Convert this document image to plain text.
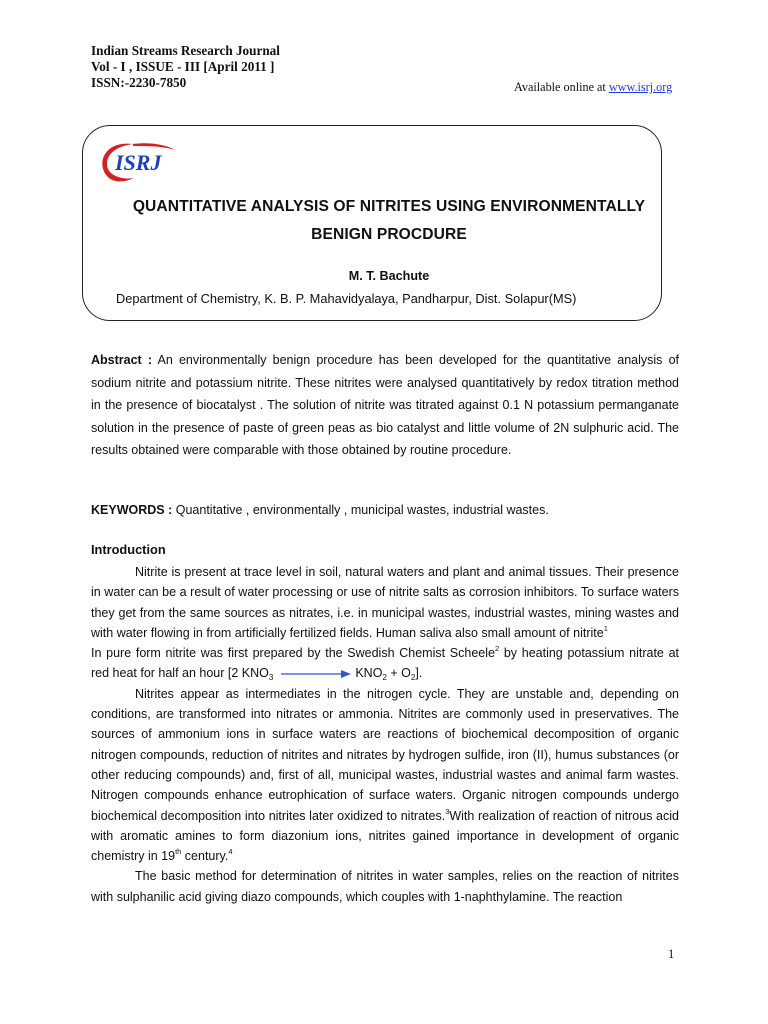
Indian Streams Research Journal
Vol - I , ISSUE - III [April 2011 ]
ISSN:-2230-7850	Available online at www.isrj.org
ISRJ
QUANTITATIVE ANALYSIS OF NITRITES USING ENVIRONMENTALLY
BENIGN PROCDURE
M. T. Bachute
Department of Chemistry, K. B. P. Mahavidyalaya, Pandharpur, Dist. Solapur(MS)
Abstract : An environmentally benign procedure has been developed for the quantitative analysis of sodium nitrite and potassium nitrite. These nitrites were analysed quantitatively by redox titration method in the presence of biocatalyst . The solution of nitrite was titrated against 0.1 N potassium permanganate solution in the presence of paste of green peas as bio catalyst and little volume of 2N sulphuric acid. The results obtained were comparable with those obtained by routine procedure.
KEYWORDS : Quantitative , environmentally , municipal wastes, industrial wastes.
Introduction

Nitrite is present at trace level in soil, natural waters and plant and animal tissues. Their presence in water can be a result of water processing or use of nitrite salts as corrosion inhibitors. To surface waters they get from the same sources as nitrates, i.e. in municipal wastes, industrial wastes, mining wastes and with water flowing in from artificially fertilized fields. Human saliva also small amount of nitrite$^1$

In pure form nitrite was first prepared by the Swedish Chemist Scheele$^2$ by heating potassium nitrate at red heat for half an hour [2 $KNO_3$	$KNO_2 + O_2$].

Nitrites appear as intermediates in the nitrogen cycle. They are unstable and, depending on conditions, are transformed into nitrates or ammonia. Nitrites are commonly used in preservatives. The sources of ammonium ions in surface waters are reactions of biochemical decomposition of organic nitrogen compounds, reduction of nitrites and nitrates by hydrogen sulfide, iron (II), humus substances (or other reducing compounds) and, first of all, municipal wastes, industrial wastes and animal farm wastes. Nitrogen compounds enhance eutrophication of surface waters. Organic nitrogen compounds undergo biochemical decomposition into nitrites later oxidized to nitrates.$^3$With realization of reaction of nitrous acid with aromatic amines to form diazonium ions, nitrites gained importance in development of organic chemistry in 19th century.$^4$

The basic method for determination of nitrites in water samples, relies on the reaction of nitrites with sulphanilic acid giving diazo compounds, which couples with 1-naphthylamine. The reaction

1
